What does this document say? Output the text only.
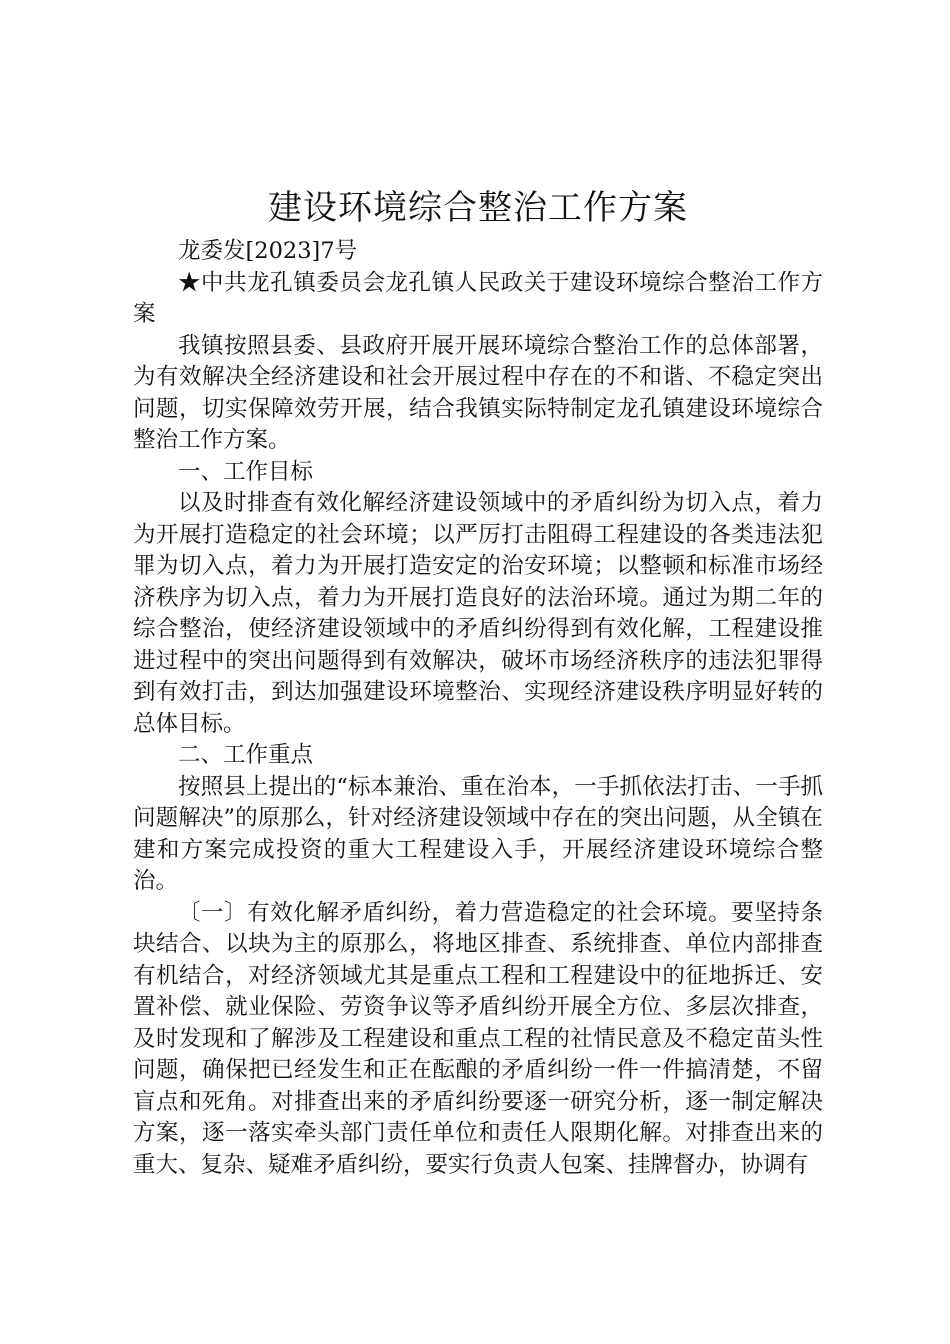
建设环境综合整治工作方案

龙委发[2023]7号

★中共龙孔镇委员会龙孔镇人民政关于建设环境综合整治工作方案

我镇按照县委、县政府开展开展环境综合整治工作的总体部署，为有效解决全经济建设和社会开展过程中存在的不和谐、不稳定突出问题，切实保障效劳开展，结合我镇实际特制定龙孔镇建设环境综合整治工作方案。

一、工作目标

以及时排查有效化解经济建设领域中的矛盾纠纷为切入点，着力为开展打造稳定的社会环境；以严厉打击阻碍工程建设的各类违法犯罪为切入点，着力为开展打造安定的治安环境；以整顿和标准市场经济秩序为切入点，着力为开展打造良好的法治环境。通过为期二年的综合整治，使经济建设领域中的矛盾纠纷得到有效化解，工程建设推进过程中的突出问题得到有效解决，破坏市场经济秩序的违法犯罪得到有效打击，到达加强建设环境整治、实现经济建设秩序明显好转的总体目标。

二、工作重点

按照县上提出的“标本兼治、重在治本，一手抓依法打击、一手抓问题解决”的原那么，针对经济建设领域中存在的突出问题，从全镇在建和方案完成投资的重大工程建设入手，开展经济建设环境综合整治。

〔一〕有效化解矛盾纠纷，着力营造稳定的社会环境。要坚持条块结合、以块为主的原那么，将地区排查、系统排查、单位内部排查有机结合，对经济领域尤其是重点工程和工程建设中的征地拆迁、安置补偿、就业保险、劳资争议等矛盾纠纷开展全方位、多层次排查，及时发现和了解涉及工程建设和重点工程的社情民意及不稳定苗头性问题，确保把已经发生和正在酝酿的矛盾纠纷一件一件搞清楚，不留盲点和死角。对排查出来的矛盾纠纷要逐一研究分析，逐一制定解决方案，逐一落实牵头部门责任单位和责任人限期化解。对排查出来的重大、复杂、疑难矛盾纠纷，要实行负责人包案、挂牌督办，协调有
